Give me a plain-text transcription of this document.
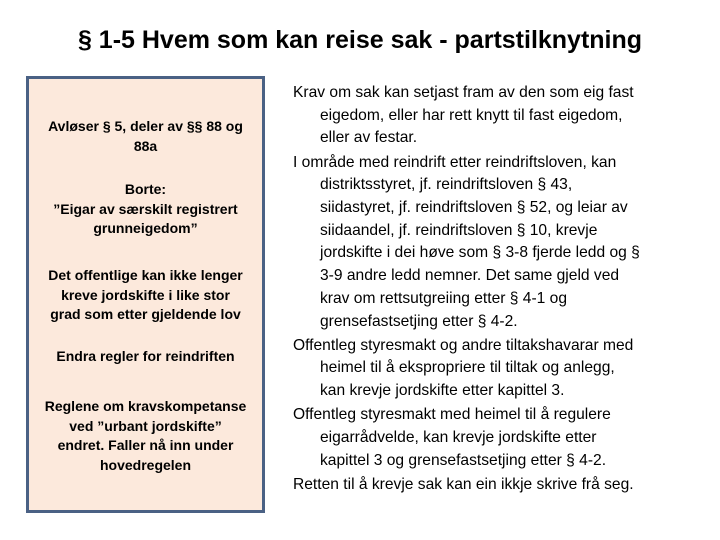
§ 1-5 Hvem som kan reise sak - partstilknytning
Avløser § 5, deler av §§ 88 og
88a
Borte:
”Eigar av særskilt registrert
grunneigedom”
Det offentlige kan ikke lenger
kreve jordskifte i like stor
grad som etter gjeldende lov
Endra regler for reindriften
Reglene om kravskompetanse
ved ”urbant jordskifte”
endret. Faller nå inn under
hovedregelen
Krav om sak kan setjast fram av den som eig fast
eigedom, eller har rett knytt til fast eigedom,
eller av festar.
I område med reindrift etter reindriftsloven, kan
distriktsstyret, jf. reindriftsloven § 43,
siidastyret, jf. reindriftsloven § 52, og leiar av
siidaandel, jf. reindriftsloven § 10, krevje
jordskifte i dei høve som § 3-8 fjerde ledd og §
3-9 andre ledd nemner. Det same gjeld ved
krav om rettsutgreiing etter § 4-1 og
grensefastsetjing etter § 4-2.
Offentleg styresmakt og andre tiltakshavarar med
heimel til å ekspropriere til tiltak og anlegg,
kan krevje jordskifte etter kapittel 3.
Offentleg styresmakt med heimel til å regulere
eigarrådvelde, kan krevje jordskifte etter
kapittel 3 og grensefastsetjing etter § 4-2.
Retten til å krevje sak kan ein ikkje skrive frå seg.
